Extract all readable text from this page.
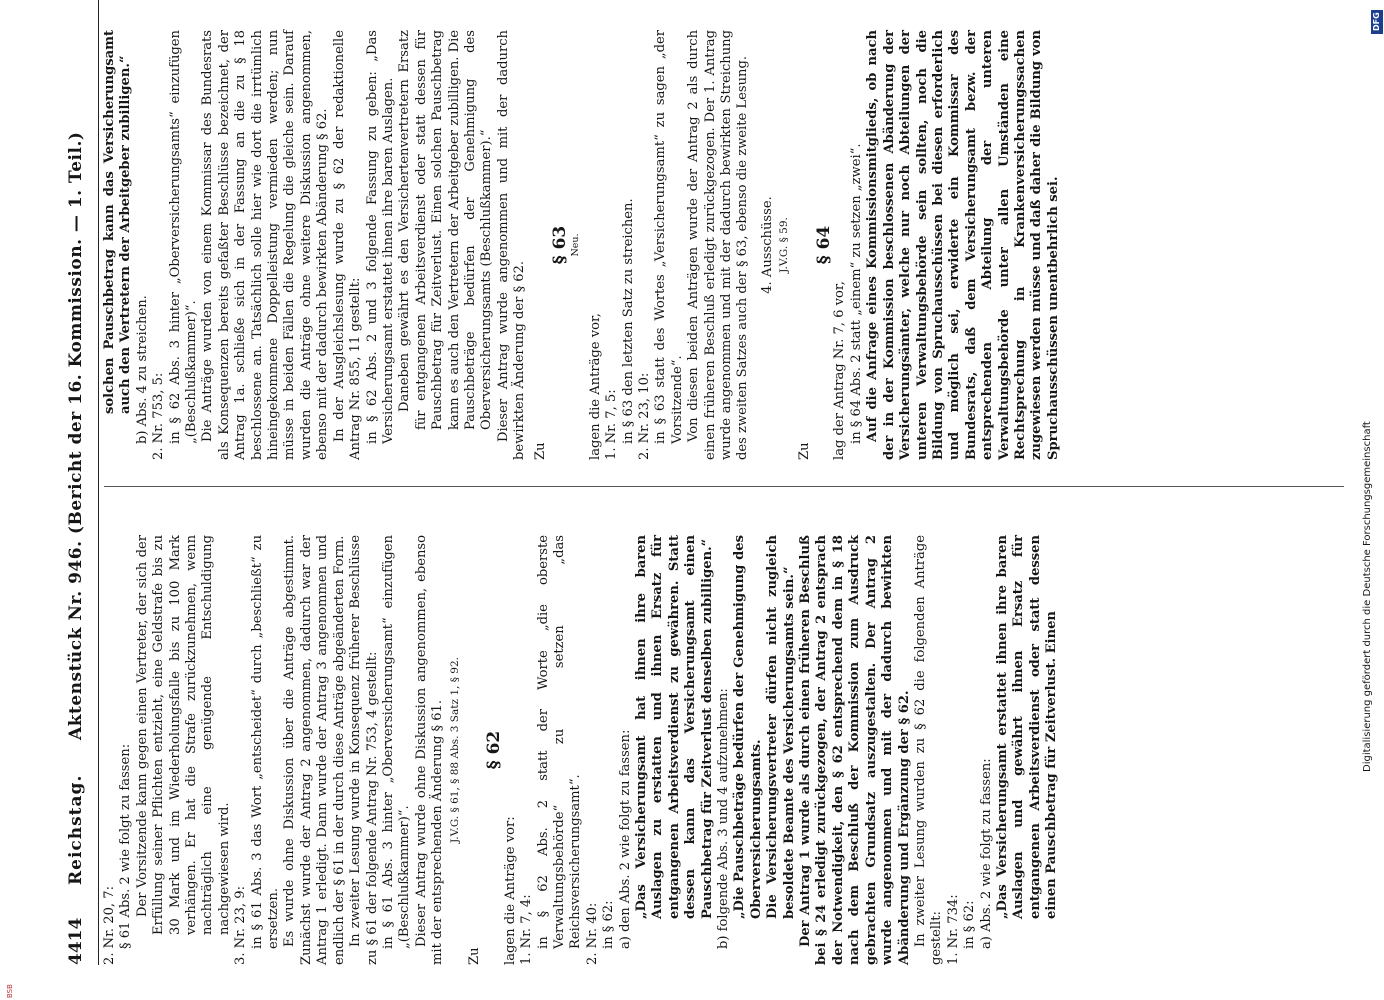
4414
Reichstag.
Aktenstück Nr. 946. (Bericht der 16. Kommission. — 1. Teil.)

2. Nr. 20, 7: § 61 Abs. 2 wie folgt zu fassen: Der Vorsitzende kann gegen einen Vertreter, der sich der Erfüllung seiner Pflichten entzieht, eine Geldstrafe bis zu 30 Mark und im Wiederholungsfalle bis zu 100 Mark verhängen. Er hat die Strafe zurückzunehmen, wenn nachträglich eine genügende Entschuldigung nachgewiesen wird. 3. Nr. 23, 9: in § 61 Abs. 3 das Wort „entscheidet“ durch „beschließt“ zu ersetzen. Es wurde ohne Diskussion über die Anträge abgestimmt. Zunächst wurde der Antrag 2 angenommen, dadurch war der Antrag 1 erledigt. Dann wurde der Antrag 3 angenommen und endlich der § 61 in der durch diese Anträge abgeänderten Form. In zweiter Lesung wurde in Konsequenz früherer Beschlüsse zu § 61 der folgende Antrag Nr. 753, 4 gestellt: in § 61 Abs. 3 hinter „Oberversicherungsamt“ einzufügen „(Beschlußkammer)“. Dieser Antrag wurde ohne Diskussion angenommen, ebenso mit der entsprechenden Änderung § 61. J.V.G. § 61, § 88 Abs. 3 Satz 1, § 92.

Zu

§ 62

lagen die Anträge vor: 1. Nr. 7, 4: in § 62 Abs. 2 statt der Worte „die oberste Verwaltungsbehörde“ zu setzen „das Reichsversicherungsamt“. 2. Nr. 40: in § 62: a) den Abs. 2 wie folgt zu fassen: „Das Versicherungsamt hat ihnen ihre baren Auslagen zu erstatten und ihnen Ersatz für entgangenen Arbeitsverdienst zu gewähren. Statt dessen kann das Versicherungsamt einen Pauschbetrag für Zeitverlust denselben zubilligen.“ b) folgende Abs. 3 und 4 aufzunehmen: „Die Pauschbeträge bedürfen der Genehmigung des Oberversicherungsamts. Die Versicherungsvertreter dürfen nicht zugleich besoldete Beamte des Versicherungsamts sein.“ Der Antrag 1 wurde als durch einen früheren Beschluß bei § 24 erledigt zurückgezogen, der Antrag 2 entsprach der Notwendigkeit, den § 62 entsprechend dem in § 18 nach dem Beschluß der Kommission zum Ausdruck gebrachten Grundsatz auszugestalten. Der Antrag 2 wurde angenommen und mit der dadurch bewirkten Abänderung und Ergänzung der § 62. In zweiter Lesung wurden zu § 62 die folgenden Anträge gestellt: 1. Nr. 734: in § 62: a) Abs. 2 wie folgt zu fassen: „Das Versicherungsamt erstattet ihnen ihre baren Auslagen und gewährt ihnen Ersatz für entgangenen Arbeitsverdienst oder statt dessen einen Pauschbetrag für Zeitverlust. Einen

solchen Pauschbetrag kann das Versicherungsamt auch den Vertretern der Arbeitgeber zubilligen.“ b) Abs. 4 zu streichen. 2. Nr. 753, 5: in § 62 Abs. 3 hinter „Oberversicherungsamts“ einzufügen „(Beschlußkammer)“. Die Anträge wurden von einem Kommissar des Bundesrats als Konsequenzen bereits gefaßter Beschlüsse bezeichnet, der Antrag 1a. schließe sich in der Fassung an die zu § 18 beschlossene an. Tatsächlich solle hier wie dort die irrtümlich hineingekommene Doppelleistung vermieden werden; nun müsse in beiden Fällen die Regelung die gleiche sein. Darauf wurden die Anträge ohne weitere Diskussion angenommen, ebenso mit der dadurch bewirkten Abänderung § 62. In der Ausgleichslesung wurde zu § 62 der redaktionelle Antrag Nr. 855, 11 gestellt: in § 62 Abs. 2 und 3 folgende Fassung zu geben: „Das Versicherungsamt erstattet ihnen ihre baren Auslagen. Daneben gewährt es den Versichertenvertretern Ersatz für entgangenen Arbeitsverdienst oder statt dessen für Pauschbetrag für Zeitverlust. Einen solchen Pauschbetrag kann es auch den Vertretern der Arbeitgeber zubilligen. Die Pauschbeträge bedürfen der Genehmigung des Oberversicherungsamts (Beschlußkammer).“ Dieser Antrag wurde angenommen und mit der dadurch bewirkten Änderung der § 62. Zu

§ 63 Neu.

lagen die Anträge vor, 1. Nr. 7, 5: in § 63 den letzten Satz zu streichen. 2. Nr. 23, 10: in § 63 statt des Wortes „Versicherungsamt“ zu sagen „der Vorsitzende“. Von diesen beiden Anträgen wurde der Antrag 2 als durch einen früheren Beschluß erledigt zurückgezogen. Der 1. Antrag wurde angenommen und mit der dadurch bewirkten Streichung des zweiten Satzes auch der § 63, ebenso die zweite Lesung. 4. Ausschüsse. J.V.G. § 59.

Zu

§ 64

lag der Antrag Nr. 7, 6 vor, in § 64 Abs. 2 statt „einem“ zu setzen „zwei“. Auf die Anfrage eines Kommissionsmitglieds, ob nach der in der Kommission beschlossenen Abänderung der Versicherungsämter, welche nur noch Abteilungen der unteren Verwaltungsbehörde sein sollten, noch die Bildung von Spruchausschüssen bei diesen erforderlich und möglich sei, erwiderte ein Kommissar des Bundesrats, daß dem Versicherungsamt bezw. der entsprechenden Abteilung der unteren Verwaltungsbehörde unter allen Umständen eine Rechtsprechung in Krankenversicherungssachen zugewiesen werden müsse und daß daher die Bildung von Spruchausschüssen unentbehrlich sei.

Digitalisierung gefördert durch die Deutsche Forschungsgemeinschaft
DFG
BSB
